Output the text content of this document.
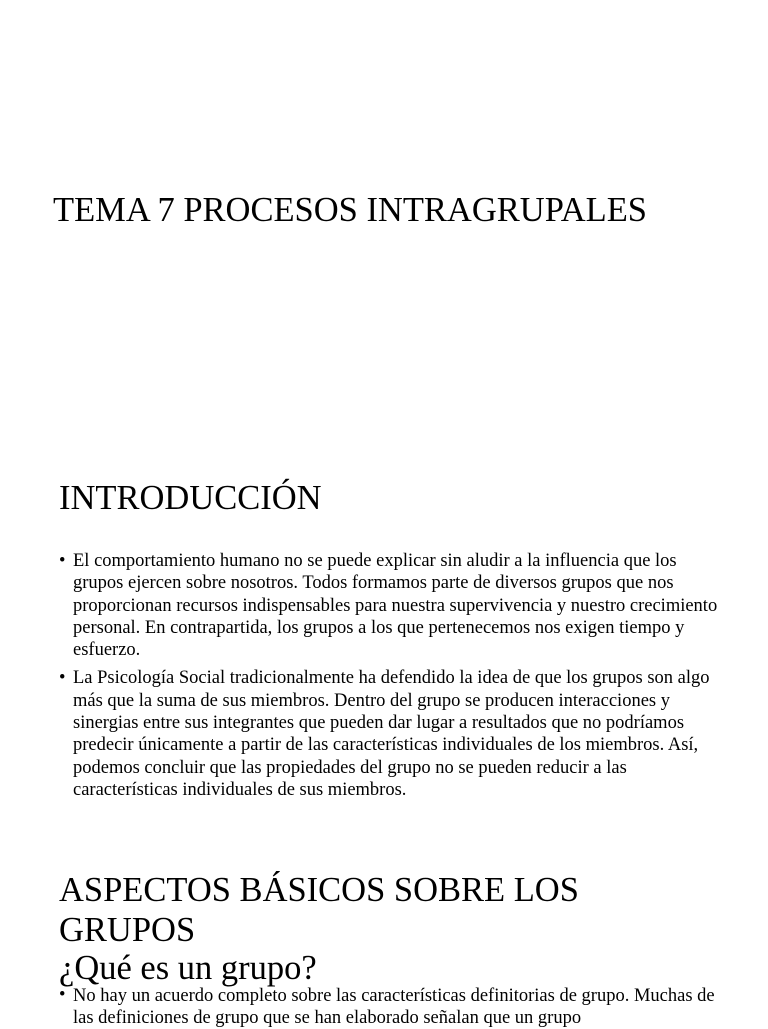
TEMA 7 PROCESOS INTRAGRUPALES
INTRODUCCIÓN
• El comportamiento humano no se puede explicar sin aludir a la influencia que los grupos ejercen sobre nosotros. Todos formamos parte de diversos grupos que nos proporcionan recursos indispensables para nuestra supervivencia y nuestro crecimiento personal. En contrapartida, los grupos a los que pertenecemos nos exigen tiempo y esfuerzo.
• La Psicología Social tradicionalmente ha defendido la idea de que los grupos son algo más que la suma de sus miembros. Dentro del grupo se producen interacciones y sinergias entre sus integrantes que pueden dar lugar a resultados que no podríamos predecir únicamente a partir de las características individuales de los miembros. Así, podemos concluir que las propiedades del grupo no se pueden reducir a las características individuales de sus miembros.
ASPECTOS BÁSICOS SOBRE LOS GRUPOS
¿Qué es un grupo?
• No hay un acuerdo completo sobre las características definitorias de grupo. Muchas de las definiciones de grupo que se han elaborado señalan que un grupo
